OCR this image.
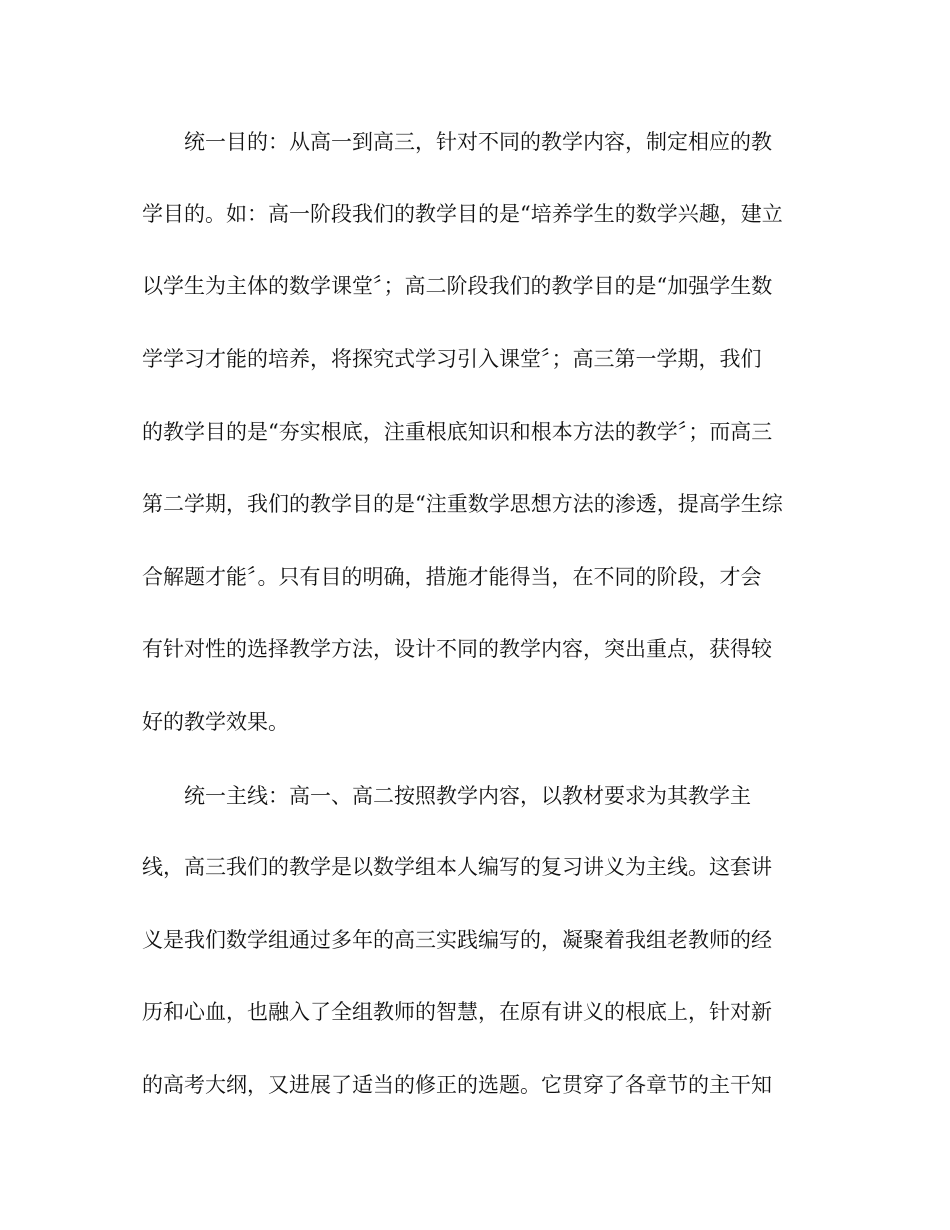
统一目的：从高一到高三，针对不同的教学内容，制定相应的教
学目的。如：高一阶段我们的教学目的是“培养学生的数学兴趣，建立
以学生为主体的数学课堂〞；高二阶段我们的教学目的是“加强学生数
学学习才能的培养，将探究式学习引入课堂〞；高三第一学期，我们
的教学目的是“夯实根底，注重根底知识和根本方法的教学〞；而高三
第二学期，我们的教学目的是“注重数学思想方法的渗透，提高学生综
合解题才能〞。只有目的明确，措施才能得当，在不同的阶段，才会
有针对性的选择教学方法，设计不同的教学内容，突出重点，获得较
好的教学效果。
统一主线：高一、高二按照教学内容，以教材要求为其教学主
线，高三我们的教学是以数学组本人编写的复习讲义为主线。这套讲
义是我们数学组通过多年的高三实践编写的，凝聚着我组老教师的经
历和心血，也融入了全组教师的智慧，在原有讲义的根底上，针对新
的高考大纲，又进展了适当的修正的选题。它贯穿了各章节的主干知
